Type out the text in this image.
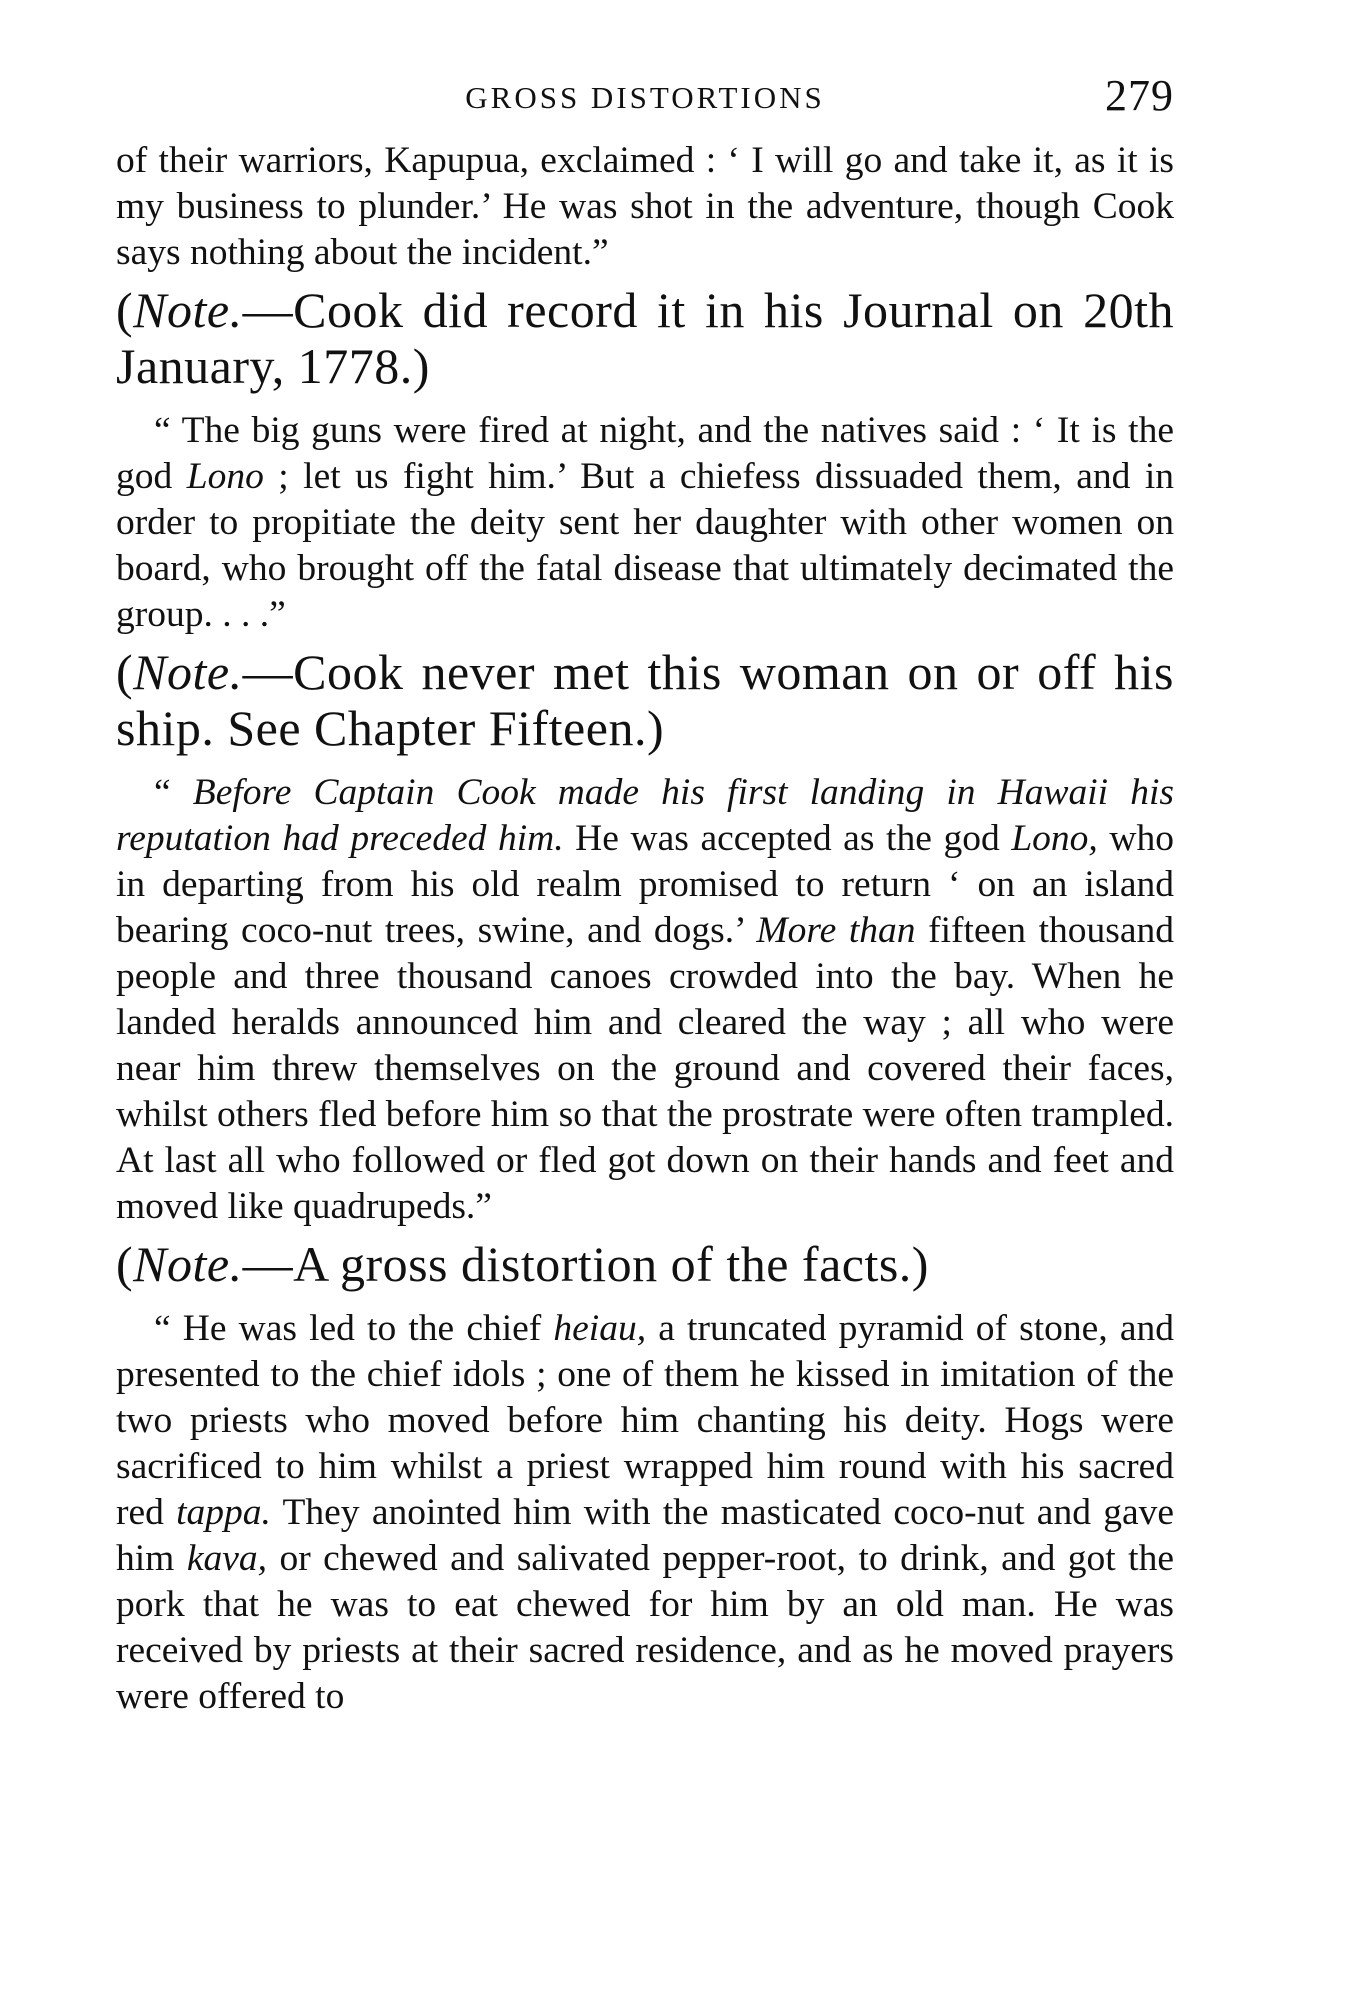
GROSS DISTORTIONS	279

of their warriors, Kapupua, exclaimed : ‘ I will go and take it, as it is my business to plunder.’ He was shot in the adventure, though Cook says nothing about the incident.”

(Note.—Cook did record it in his Journal on 20th January, 1778.)

“ The big guns were fired at night, and the natives said : ‘ It is the god Lono ; let us fight him.’ But a chiefess dissuaded them, and in order to propitiate the deity sent her daughter with other women on board, who brought off the fatal disease that ultimately decimated the group. . . .”

(Note.—Cook never met this woman on or off his ship. See Chapter Fifteen.)

“ Before Captain Cook made his first landing in Hawaii his reputation had preceded him. He was accepted as the god Lono, who in departing from his old realm promised to return ‘ on an island bearing coco-nut trees, swine, and dogs.’ More than fifteen thousand people and three thousand canoes crowded into the bay. When he landed heralds announced him and cleared the way ; all who were near him threw themselves on the ground and covered their faces, whilst others fled before him so that the prostrate were often trampled. At last all who followed or fled got down on their hands and feet and moved like quadrupeds.”

(Note.—A gross distortion of the facts.)

“ He was led to the chief heiau, a truncated pyramid of stone, and presented to the chief idols ; one of them he kissed in imitation of the two priests who moved before him chanting his deity. Hogs were sacrificed to him whilst a priest wrapped him round with his sacred red tappa. They anointed him with the masticated coco-nut and gave him kava, or chewed and salivated pepper-root, to drink, and got the pork that he was to eat chewed for him by an old man. He was received by priests at their sacred residence, and as he moved prayers were offered to
